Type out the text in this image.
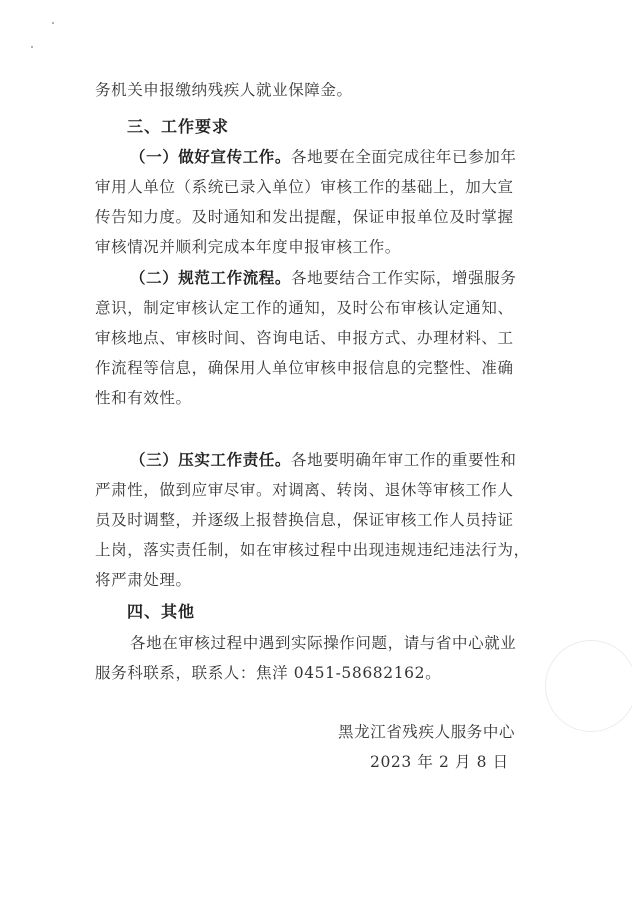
务机关申报缴纳残疾人就业保障金。
三、工作要求
（一）做好宣传工作。各地要在全面完成往年已参加年
审用人单位（系统已录入单位）审核工作的基础上，加大宣
传告知力度。及时通知和发出提醒，保证申报单位及时掌握
审核情况并顺利完成本年度申报审核工作。
（二）规范工作流程。各地要结合工作实际，增强服务
意识，制定审核认定工作的通知，及时公布审核认定通知、
审核地点、审核时间、咨询电话、申报方式、办理材料、工
作流程等信息，确保用人单位审核申报信息的完整性、准确
性和有效性。
（三）压实工作责任。各地要明确年审工作的重要性和
严肃性，做到应审尽审。对调离、转岗、退休等审核工作人
员及时调整，并逐级上报替换信息，保证审核工作人员持证
上岗，落实责任制，如在审核过程中出现违规违纪违法行为，
将严肃处理。
四、其他
各地在审核过程中遇到实际操作问题，请与省中心就业
服务科联系，联系人：焦洋 0451-58682162。
黑龙江省残疾人服务中心
2023 年 2 月 8 日
